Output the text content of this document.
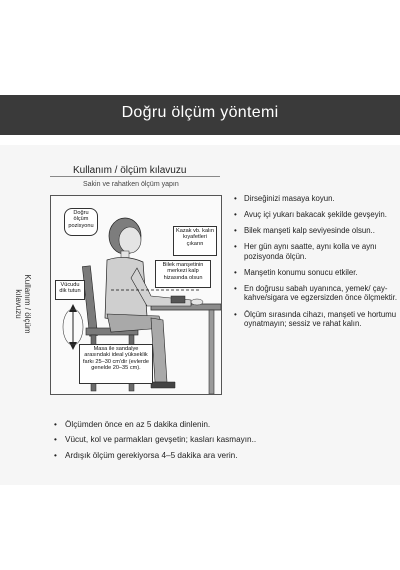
Doğru ölçüm yöntemi
Kullanım / ölçüm kılavuzu
Kullanım / ölçüm kılavuzu
Sakin ve rahatken ölçüm yapın
Doğru ölçüm pozisyonu
Vücudu dik tutun
Kazak vb. kalın kıyafetleri çıkarın
Bilek manşetinin merkezi kalp hizasında olsun
Masa ile sandalye arasındaki ideal yükseklik farkı 25–30 cm'dir (evlerde genelde 20–35 cm).
• Dirseğinizi masaya koyun.
• Avuç içi yukarı bakacak şekilde gevşeyin.
• Bilek manşeti kalp seviyesinde olsun..
• Her gün aynı saatte, aynı kolla ve aynı pozisyonda ölçün.
• Manşetin konumu sonucu etkiler.
• En doğrusu sabah uyanınca, yemek/ çay-kahve/sigara ve egzersizden önce ölçmektir.
• Ölçüm sırasında cihazı, manşeti ve hortumu oynatmayın; sessiz ve rahat kalın.
• Ölçümden önce en az 5 dakika dinlenin.
• Vücut, kol ve parmakları gevşetin; kasları kasmayın..
• Ardışık ölçüm gerekiyorsa 4–5 dakika ara verin.
